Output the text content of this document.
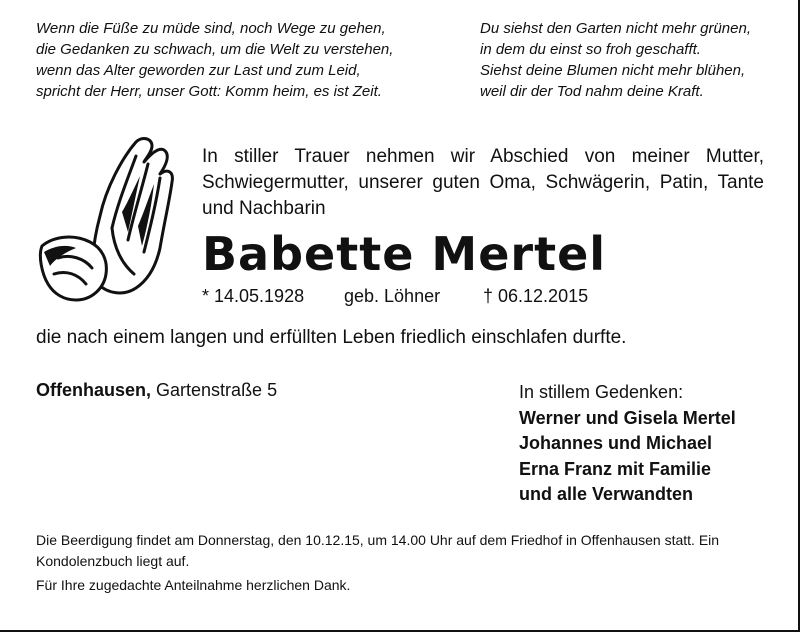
Wenn die Füße zu müde sind, noch Wege zu gehen,
die Gedanken zu schwach, um die Welt zu verstehen,
wenn das Alter geworden zur Last und zum Leid,
spricht der Herr, unser Gott: Komm heim, es ist Zeit.
Du siehst den Garten nicht mehr grünen,
in dem du einst so froh geschafft.
Siehst deine Blumen nicht mehr blühen,
weil dir der Tod nahm deine Kraft.
In stiller Trauer nehmen wir Abschied von meiner Mutter, Schwiegermutter, unserer guten Oma, Schwägerin, Patin, Tante und Nachbarin
Babette Mertel
* 14.05.1928 geb. Löhner † 06.12.2015
die nach einem langen und erfüllten Leben friedlich einschlafen durfte.
Offenhausen, Gartenstraße 5	In stillem Gedenken:
Werner und Gisela Mertel
Johannes und Michael
Erna Franz mit Familie
und alle Verwandten
Die Beerdigung findet am Donnerstag, den 10.12.15, um 14.00 Uhr auf dem Friedhof in Offenhausen statt. Ein Kondolenzbuch liegt auf.
Für Ihre zugedachte Anteilnahme herzlichen Dank.
